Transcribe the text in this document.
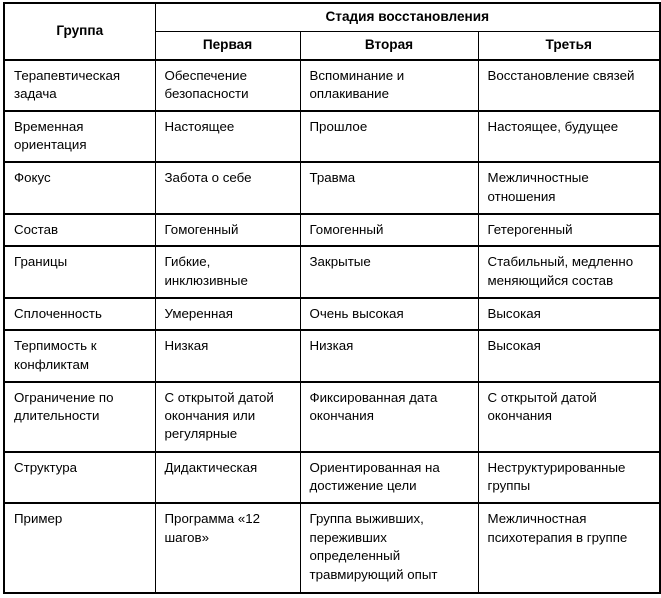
Группа	Стадия восстановления		
	Первая	Вторая	Третья
Терапевтическая задача	Обеспечение безопасности	Вспоминание и оплакивание	Восстановление связей
Временная ориентация	Настоящее	Прошлое	Настоящее, будущее
Фокус	Забота о себе	Травма	Межличностные отношения
Состав	Гомогенный	Гомогенный	Гетерогенный
Границы	Гибкие, инклюзивные	Закрытые	Стабильный, медленно меняющийся состав
Сплоченность	Умеренная	Очень высокая	Высокая
Терпимость к конфликтам	Низкая	Низкая	Высокая
Ограничение по длительности	С открытой датой окончания или регулярные	Фиксированная дата окончания	С открытой датой окончания
Структура	Дидактическая	Ориентированная на достижение цели	Неструктурированные группы
Пример	Программа «12 шагов»	Группа выживших, переживших определенный травмирующий опыт	Межличностная психотерапия в группе
